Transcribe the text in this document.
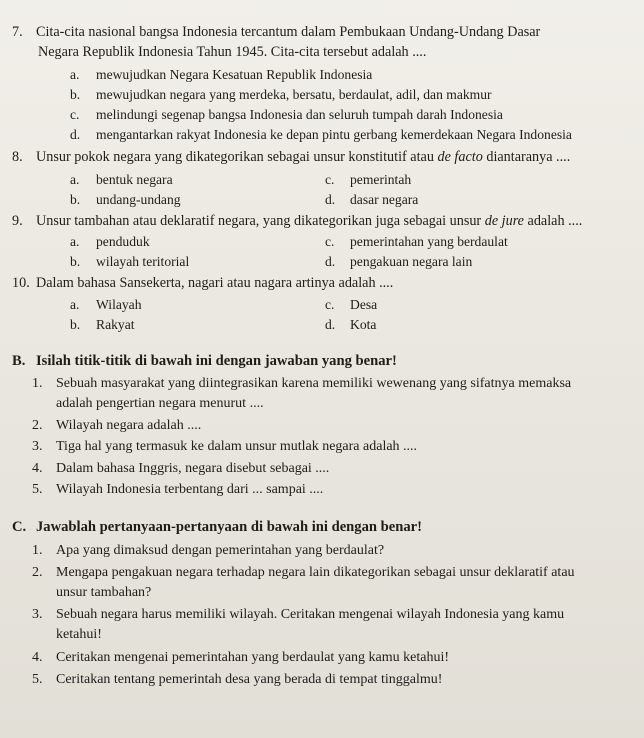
7. Cita-cita nasional bangsa Indonesia tercantum dalam Pembukaan Undang-Undang Dasar
Negara Republik Indonesia Tahun 1945. Cita-cita tersebut adalah ....
a. mewujudkan Negara Kesatuan Republik Indonesia
b. mewujudkan negara yang merdeka, bersatu, berdaulat, adil, dan makmur
c. melindungi segenap bangsa Indonesia dan seluruh tumpah darah Indonesia
d. mengantarkan rakyat Indonesia ke depan pintu gerbang kemerdekaan Negara Indonesia
8. Unsur pokok negara yang dikategorikan sebagai unsur konstitutif atau de facto diantaranya ....
a. bentuk negara
b. undang-undang
c. pemerintah
d. dasar negara
9. Unsur tambahan atau deklaratif negara, yang dikategorikan juga sebagai unsur de jure adalah ....
a. penduduk
b. wilayah teritorial
c. pemerintahan yang berdaulat
d. pengakuan negara lain
10. Dalam bahasa Sansekerta, nagari atau nagara artinya adalah ....
a. Wilayah
b. Rakyat
c. Desa
d. Kota
B. Isilah titik-titik di bawah ini dengan jawaban yang benar!
1. Sebuah masyarakat yang diintegrasikan karena memiliki wewenang yang sifatnya memaksa
adalah pengertian negara menurut ....
2. Wilayah negara adalah ....
3. Tiga hal yang termasuk ke dalam unsur mutlak negara adalah ....
4. Dalam bahasa Inggris, negara disebut sebagai ....
5. Wilayah Indonesia terbentang dari ... sampai ....
C. Jawablah pertanyaan-pertanyaan di bawah ini dengan benar!
1. Apa yang dimaksud dengan pemerintahan yang berdaulat?
2. Mengapa pengakuan negara terhadap negara lain dikategorikan sebagai unsur deklaratif atau
unsur tambahan?
3. Sebuah negara harus memiliki wilayah. Ceritakan mengenai wilayah Indonesia yang kamu
ketahui!
4. Ceritakan mengenai pemerintahan yang berdaulat yang kamu ketahui!
5. Ceritakan tentang pemerintah desa yang berada di tempat tinggalmu!
